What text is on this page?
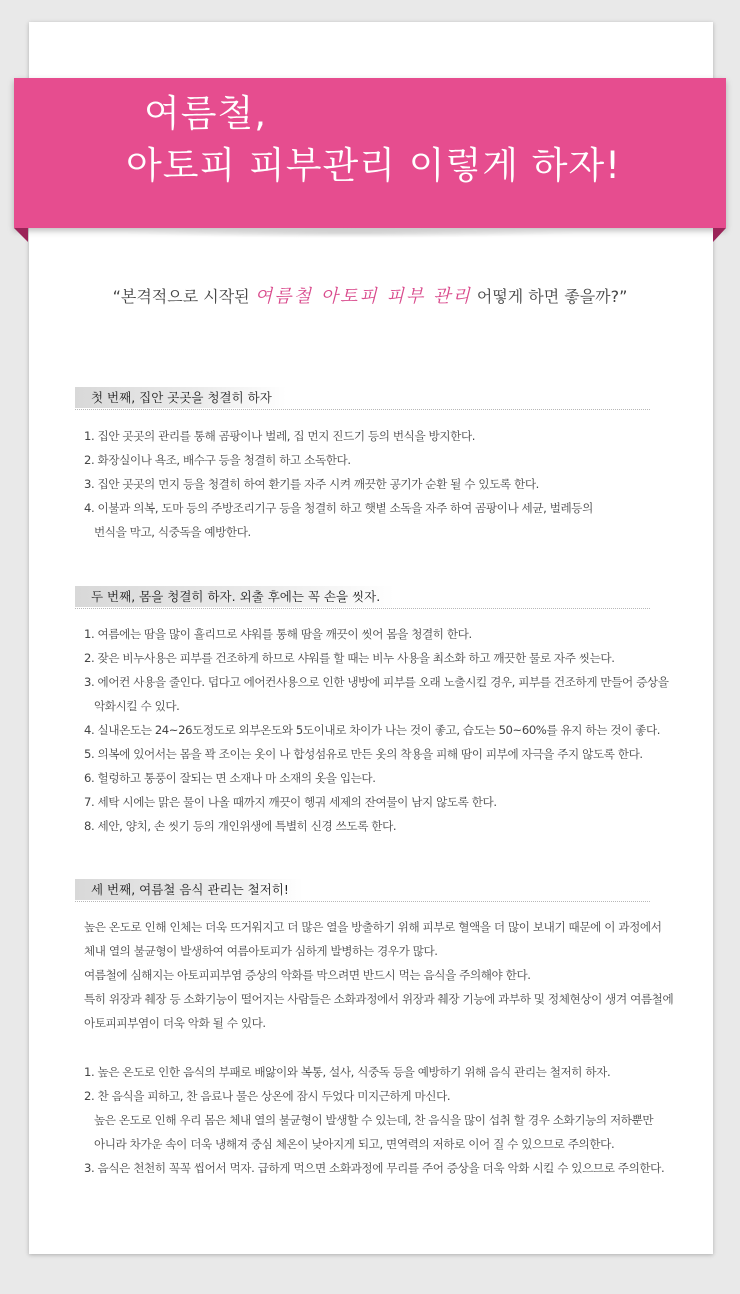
여름철,
아토피 피부관리 이렇게 하자!
“본격적으로 시작된 여름철 아토피 피부 관리 어떻게 하면 좋을까?”
첫 번째, 집안 곳곳을 청결히 하자
1. 집안 곳곳의 관리를 통해 곰팡이나 벌레, 집 먼지 진드기 등의 번식을 방지한다.
2. 화장실이나 욕조, 배수구 등을 청결히 하고 소독한다.
3. 집안 곳곳의 먼지 등을 청결히 하여 환기를 자주 시켜 깨끗한 공기가 순환 될 수 있도록 한다.
4. 이불과 의복, 도마 등의 주방조리기구 등을 청결히 하고 햇볕 소독을 자주 하여 곰팡이나 세균, 벌레등의
번식을 막고, 식중독을 예방한다.
두 번째, 몸을 청결히 하자. 외출 후에는 꼭 손을 씻자.
1. 여름에는 땀을 많이 흘리므로 샤워를 통해 땀을 깨끗이 씻어 몸을 청결히 한다.
2. 잦은 비누사용은 피부를 건조하게 하므로 샤워를 할 때는 비누 사용을 최소화 하고 깨끗한 물로 자주 씻는다.
3. 에어컨 사용을 줄인다. 덥다고 에어컨사용으로 인한 냉방에 피부를 오래 노출시킬 경우, 피부를 건조하게 만들어 증상을
악화시킬 수 있다.
4. 실내온도는 24~26도정도로 외부온도와 5도이내로 차이가 나는 것이 좋고, 습도는 50~60%를 유지 하는 것이 좋다.
5. 의복에 있어서는 몸을 꽉 조이는 옷이 나 합성섬유로 만든 옷의 착용을 피해 땀이 피부에 자극을 주지 않도록 한다.
6. 헐렁하고 통풍이 잘되는 면 소재나 마 소재의 옷을 입는다.
7. 세탁 시에는 맑은 물이 나올 때까지 깨끗이 헹궈 세제의 잔여물이 남지 않도록 한다.
8. 세안, 양치, 손 씻기 등의 개인위생에 특별히 신경 쓰도록 한다.
세 번째, 여름철 음식 관리는 철저히!
높은 온도로 인해 인체는 더욱 뜨거워지고 더 많은 열을 방출하기 위해 피부로 혈액을 더 많이 보내기 때문에 이 과정에서
체내 열의 불균형이 발생하여 여름아토피가 심하게 발병하는 경우가 많다.
여름철에 심해지는 아토피피부염 증상의 악화를 막으려면 반드시 먹는 음식을 주의해야 한다.
특히 위장과 췌장 등 소화기능이 떨어지는 사람들은 소화과정에서 위장과 췌장 기능에 과부하 및 정체현상이 생겨 여름철에
아토피피부염이 더욱 악화 될 수 있다.
1. 높은 온도로 인한 음식의 부패로 배앓이와 복통, 설사, 식중독 등을 예방하기 위해 음식 관리는 철저히 하자.
2. 찬 음식을 피하고, 찬 음료나 물은 상온에 잠시 두었다 미지근하게 마신다.
높은 온도로 인해 우리 몸은 체내 열의 불균형이 발생할 수 있는데, 찬 음식을 많이 섭취 할 경우 소화기능의 저하뿐만
아니라 차가운 속이 더욱 냉해져 중심 체온이 낮아지게 되고, 면역력의 저하로 이어 질 수 있으므로 주의한다.
3. 음식은 천천히 꼭꼭 씹어서 먹자. 급하게 먹으면 소화과정에 무리를 주어 증상을 더욱 악화 시킬 수 있으므로 주의한다.
